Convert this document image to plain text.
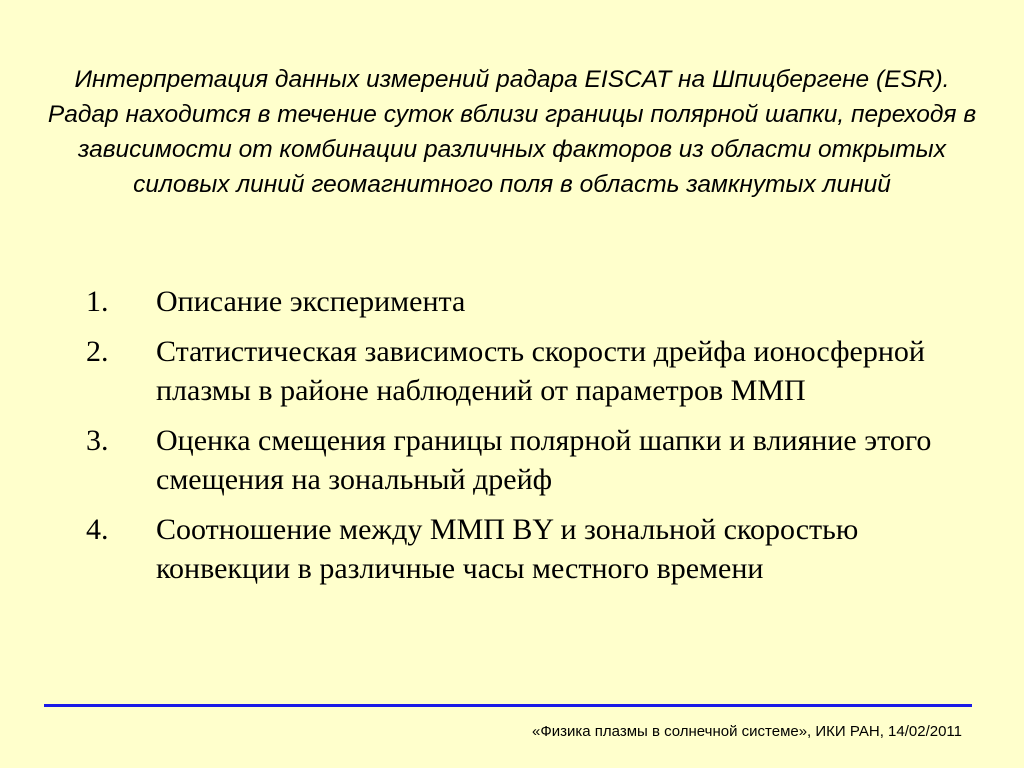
Интерпретация данных измерений радара EISCAT на Шпицбергене (ESR). Радар находится в течение суток вблизи границы полярной шапки, переходя в зависимости от комбинации различных факторов из области открытых силовых линий геомагнитного поля в область замкнутых линий
1.	Описание эксперимента
2.	Статистическая зависимость скорости дрейфа ионосферной плазмы в районе наблюдений от параметров ММП
3.	Оценка смещения границы полярной шапки и влияние этого смещения на зональный дрейф
4.	Соотношение между ММП BY и зональной скоростью конвекции в различные часы местного времени
«Физика плазмы в солнечной системе», ИКИ РАН, 14/02/2011
